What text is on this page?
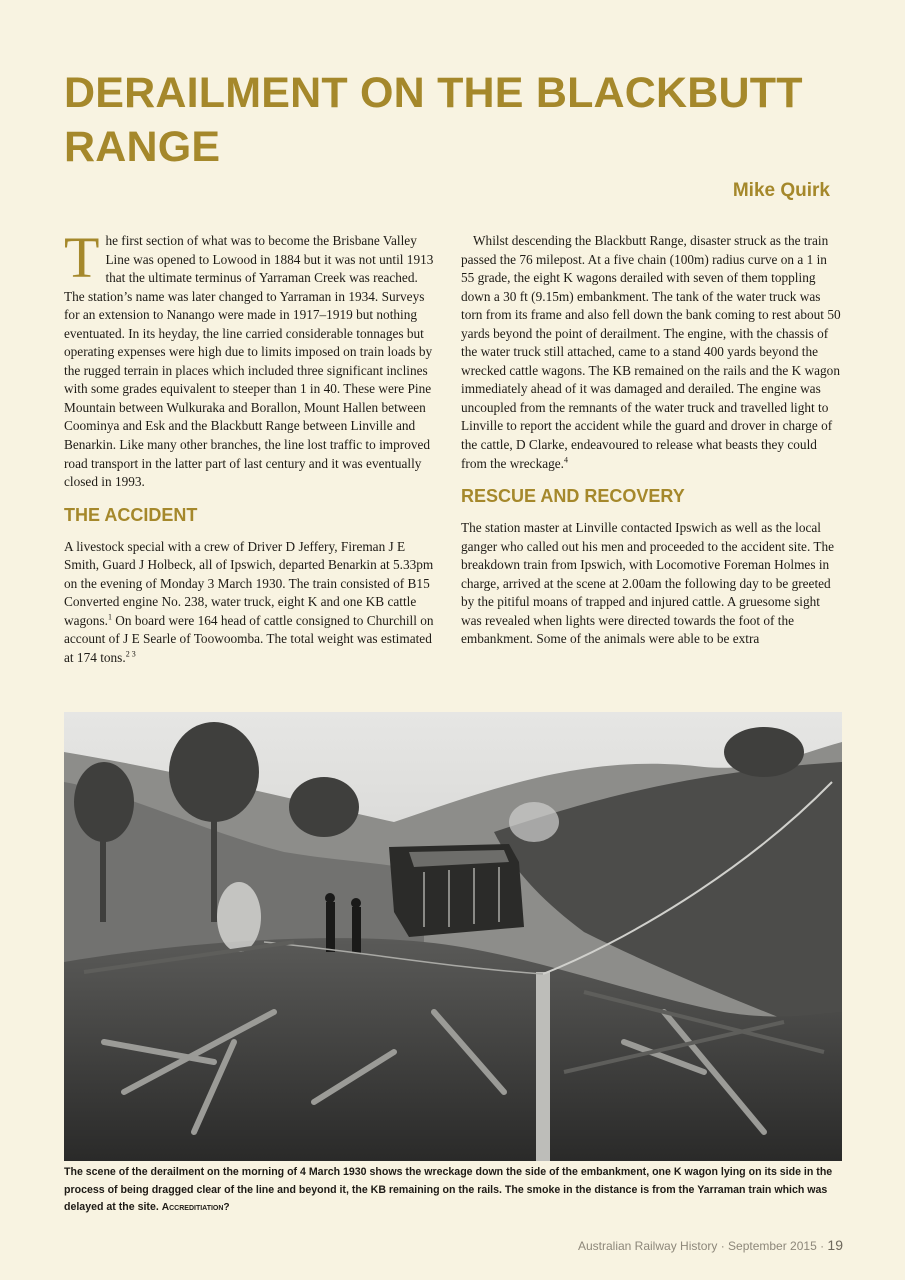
DERAILMENT ON THE BLACKBUTT RANGE
Mike Quirk

The first section of what was to become the Brisbane Valley Line was opened to Lowood in 1884 but it was not until 1913 that the ultimate terminus of Yarraman Creek was reached. The station’s name was later changed to Yarraman in 1934. Surveys for an extension to Nanango were made in 1917–1919 but nothing eventuated. In its heyday, the line carried considerable tonnages but operating expenses were high due to limits imposed on train loads by the rugged terrain in places which included three significant inclines with some grades equivalent to steeper than 1 in 40. These were Pine Mountain between Wulkuraka and Borallon, Mount Hallen between Coominya and Esk and the Blackbutt Range between Linville and Benarkin. Like many other branches, the line lost traffic to improved road transport in the latter part of last century and it was eventually closed in 1993.

THE ACCIDENT

A livestock special with a crew of Driver D Jeffery, Fireman J E Smith, Guard J Holbeck, all of Ipswich, departed Benarkin at 5.33pm on the evening of Monday 3 March 1930. The train consisted of B15 Converted engine No. 238, water truck, eight K and one KB cattle wagons.$^1$ On board were 164 head of cattle consigned to Churchill on account of J E Searle of Toowoomba. The total weight was estimated at 174 tons.$^{2 3}$

Whilst descending the Blackbutt Range, disaster struck as the train passed the 76 milepost. At a five chain (100m) radius curve on a 1 in 55 grade, the eight K wagons derailed with seven of them toppling down a 30 ft (9.15m) embankment. The tank of the water truck was torn from its frame and also fell down the bank coming to rest about 50 yards beyond the point of derailment. The engine, with the chassis of the water truck still attached, came to a stand 400 yards beyond the wrecked cattle wagons. The KB remained on the rails and the K wagon immediately ahead of it was damaged and derailed. The engine was uncoupled from the remnants of the water truck and travelled light to Linville to report the accident while the guard and drover in charge of the cattle, D Clarke, endeavoured to release what beasts they could from the wreckage.$^4$

RESCUE AND RECOVERY

The station master at Linville contacted Ipswich as well as the local ganger who called out his men and proceeded to the accident site. The breakdown train from Ipswich, with Locomotive Foreman Holmes in charge, arrived at the scene at 2.00am the following day to be greeted by the pitiful moans of trapped and injured cattle. A gruesome sight was revealed when lights were directed towards the foot of the embankment. Some of the animals were able to be extra

The scene of the derailment on the morning of 4 March 1930 shows the wreckage down the side of the embankment, one K wagon lying on its side in the process of being dragged clear of the line and beyond it, the KB remaining on the rails. The smoke in the distance is from the Yarraman train which was delayed at the site. Accreditiation?

Australian Railway History · September 2015 · 19
